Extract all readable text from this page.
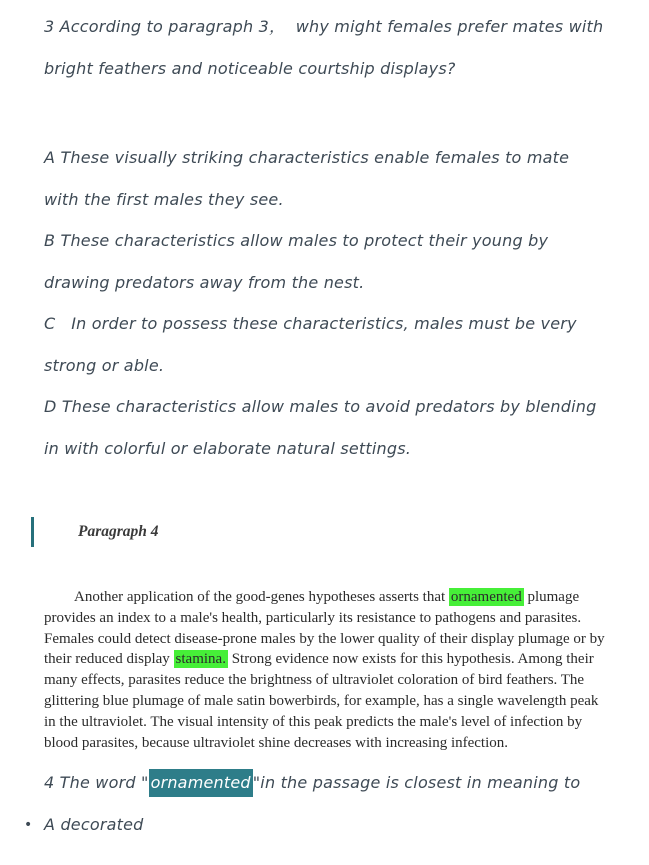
3 According to paragraph 3，  why might females prefer mates with bright feathers and noticeable courtship displays?

A These visually striking characteristics enable females to mate with the first males they see.

B These characteristics allow males to protect their young by drawing predators away from the nest.

C   In order to possess these characteristics, males must be very strong or able.

D These characteristics allow males to avoid predators by blending in with colorful or elaborate natural settings.

Paragraph 4

Another application of the good-genes hypotheses asserts that ornamented plumage provides an index to a male's health, particularly its resistance to pathogens and parasites. Females could detect disease-prone males by the lower quality of their display plumage or by their reduced display stamina. Strong evidence now exists for this hypothesis. Among their many effects, parasites reduce the brightness of ultraviolet coloration of bird feathers. The glittering blue plumage of male satin bowerbirds, for example, has a single wavelength peak in the ultraviolet. The visual intensity of this peak predicts the male's level of infection by blood parasites, because ultraviolet shine decreases with increasing infection.

4 The word " ornamented "in the passage is closest in meaning to

• A decorated
